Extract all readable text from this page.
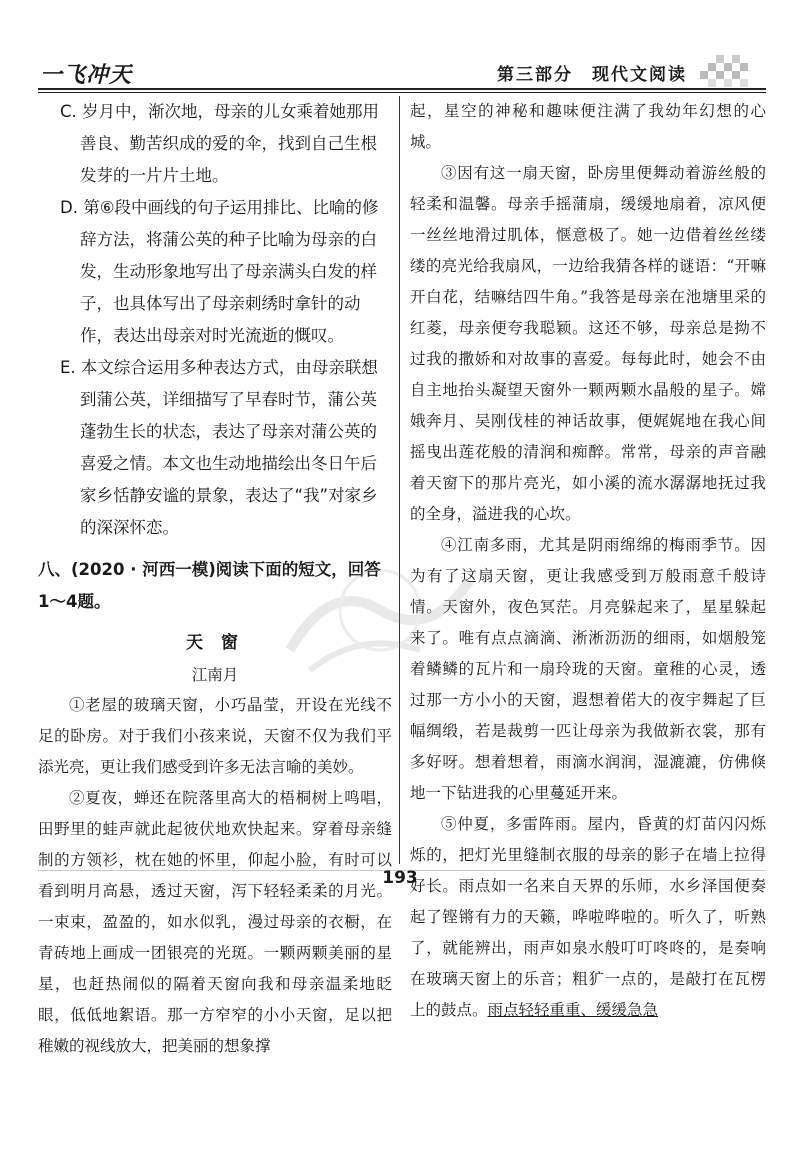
一飞冲天	第三部分　现代文阅读

C. 岁月中，渐次地，母亲的儿女乘着她那用善良、勤苦织成的爱的伞，找到自己生根发芽的一片片土地。

D. 第⑥段中画线的句子运用排比、比喻的修辞方法，将蒲公英的种子比喻为母亲的白发，生动形象地写出了母亲满头白发的样子，也具体写出了母亲刺绣时拿针的动作，表达出母亲对时光流逝的慨叹。

E. 本文综合运用多种表达方式，由母亲联想到蒲公英，详细描写了早春时节，蒲公英蓬勃生长的状态，表达了母亲对蒲公英的喜爱之情。本文也生动地描绘出冬日午后家乡恬静安谧的景象，表达了“我”对家乡的深深怀恋。

八、(2020 · 河西一模)阅读下面的短文，回答1～4题。

天 窗

江南月

①老屋的玻璃天窗，小巧晶莹，开设在光线不足的卧房。对于我们小孩来说，天窗不仅为我们平添光亮，更让我们感受到许多无法言喻的美妙。

②夏夜，蝉还在院落里高大的梧桐树上鸣唱，田野里的蛙声就此起彼伏地欢快起来。穿着母亲缝制的方领衫，枕在她的怀里，仰起小脸，有时可以看到明月高悬，透过天窗，泻下轻轻柔柔的月光。一束束，盈盈的，如水似乳，漫过母亲的衣橱，在青砖地上画成一团银亮的光斑。一颗两颗美丽的星星，也赶热闹似的隔着天窗向我和母亲温柔地眨眼，低低地絮语。那一方窄窄的小小天窗，足以把稚嫩的视线放大，把美丽的想象撑

起，星空的神秘和趣味便注满了我幼年幻想的心城。

③因有这一扇天窗，卧房里便舞动着游丝般的轻柔和温馨。母亲手摇蒲扇，缓缓地扇着，凉风便一丝丝地滑过肌体，惬意极了。她一边借着丝丝缕缕的亮光给我扇风，一边给我猜各样的谜语：“开嘛开白花，结嘛结四牛角。”我答是母亲在池塘里采的红菱，母亲便夸我聪颖。这还不够，母亲总是拗不过我的撒娇和对故事的喜爱。每每此时，她会不由自主地抬头凝望天窗外一颗两颗水晶般的星子。嫦娥奔月、吴刚伐桂的神话故事，便娓娓地在我心间摇曳出莲花般的清润和痴醉。常常，母亲的声音融着天窗下的那片亮光，如小溪的流水潺潺地抚过我的全身，溢进我的心坎。

④江南多雨，尤其是阴雨绵绵的梅雨季节。因为有了这扇天窗，更让我感受到万般雨意千般诗情。天窗外，夜色冥茫。月亮躲起来了，星星躲起来了。唯有点点滴滴、淅淅沥沥的细雨，如烟般笼着鳞鳞的瓦片和一扇玲珑的天窗。童稚的心灵，透过那一方小小的天窗，遐想着偌大的夜宇舞起了巨幅绸缎，若是裁剪一匹让母亲为我做新衣裳，那有多好呀。想着想着，雨滴水润润，湿漉漉，仿佛倏地一下钻进我的心里蔓延开来。

⑤仲夏，多雷阵雨。屋内，昏黄的灯苗闪闪烁烁的，把灯光里缝制衣服的母亲的影子在墙上拉得好长。雨点如一名来自天界的乐师，水乡泽国便奏起了铿锵有力的天籁，哗啦哗啦的。听久了，听熟了，就能辨出，雨声如泉水般叮叮咚咚的，是奏响在玻璃天窗上的乐音；粗犷一点的，是敲打在瓦楞上的鼓点。雨点轻轻重重、缓缓急急

193
